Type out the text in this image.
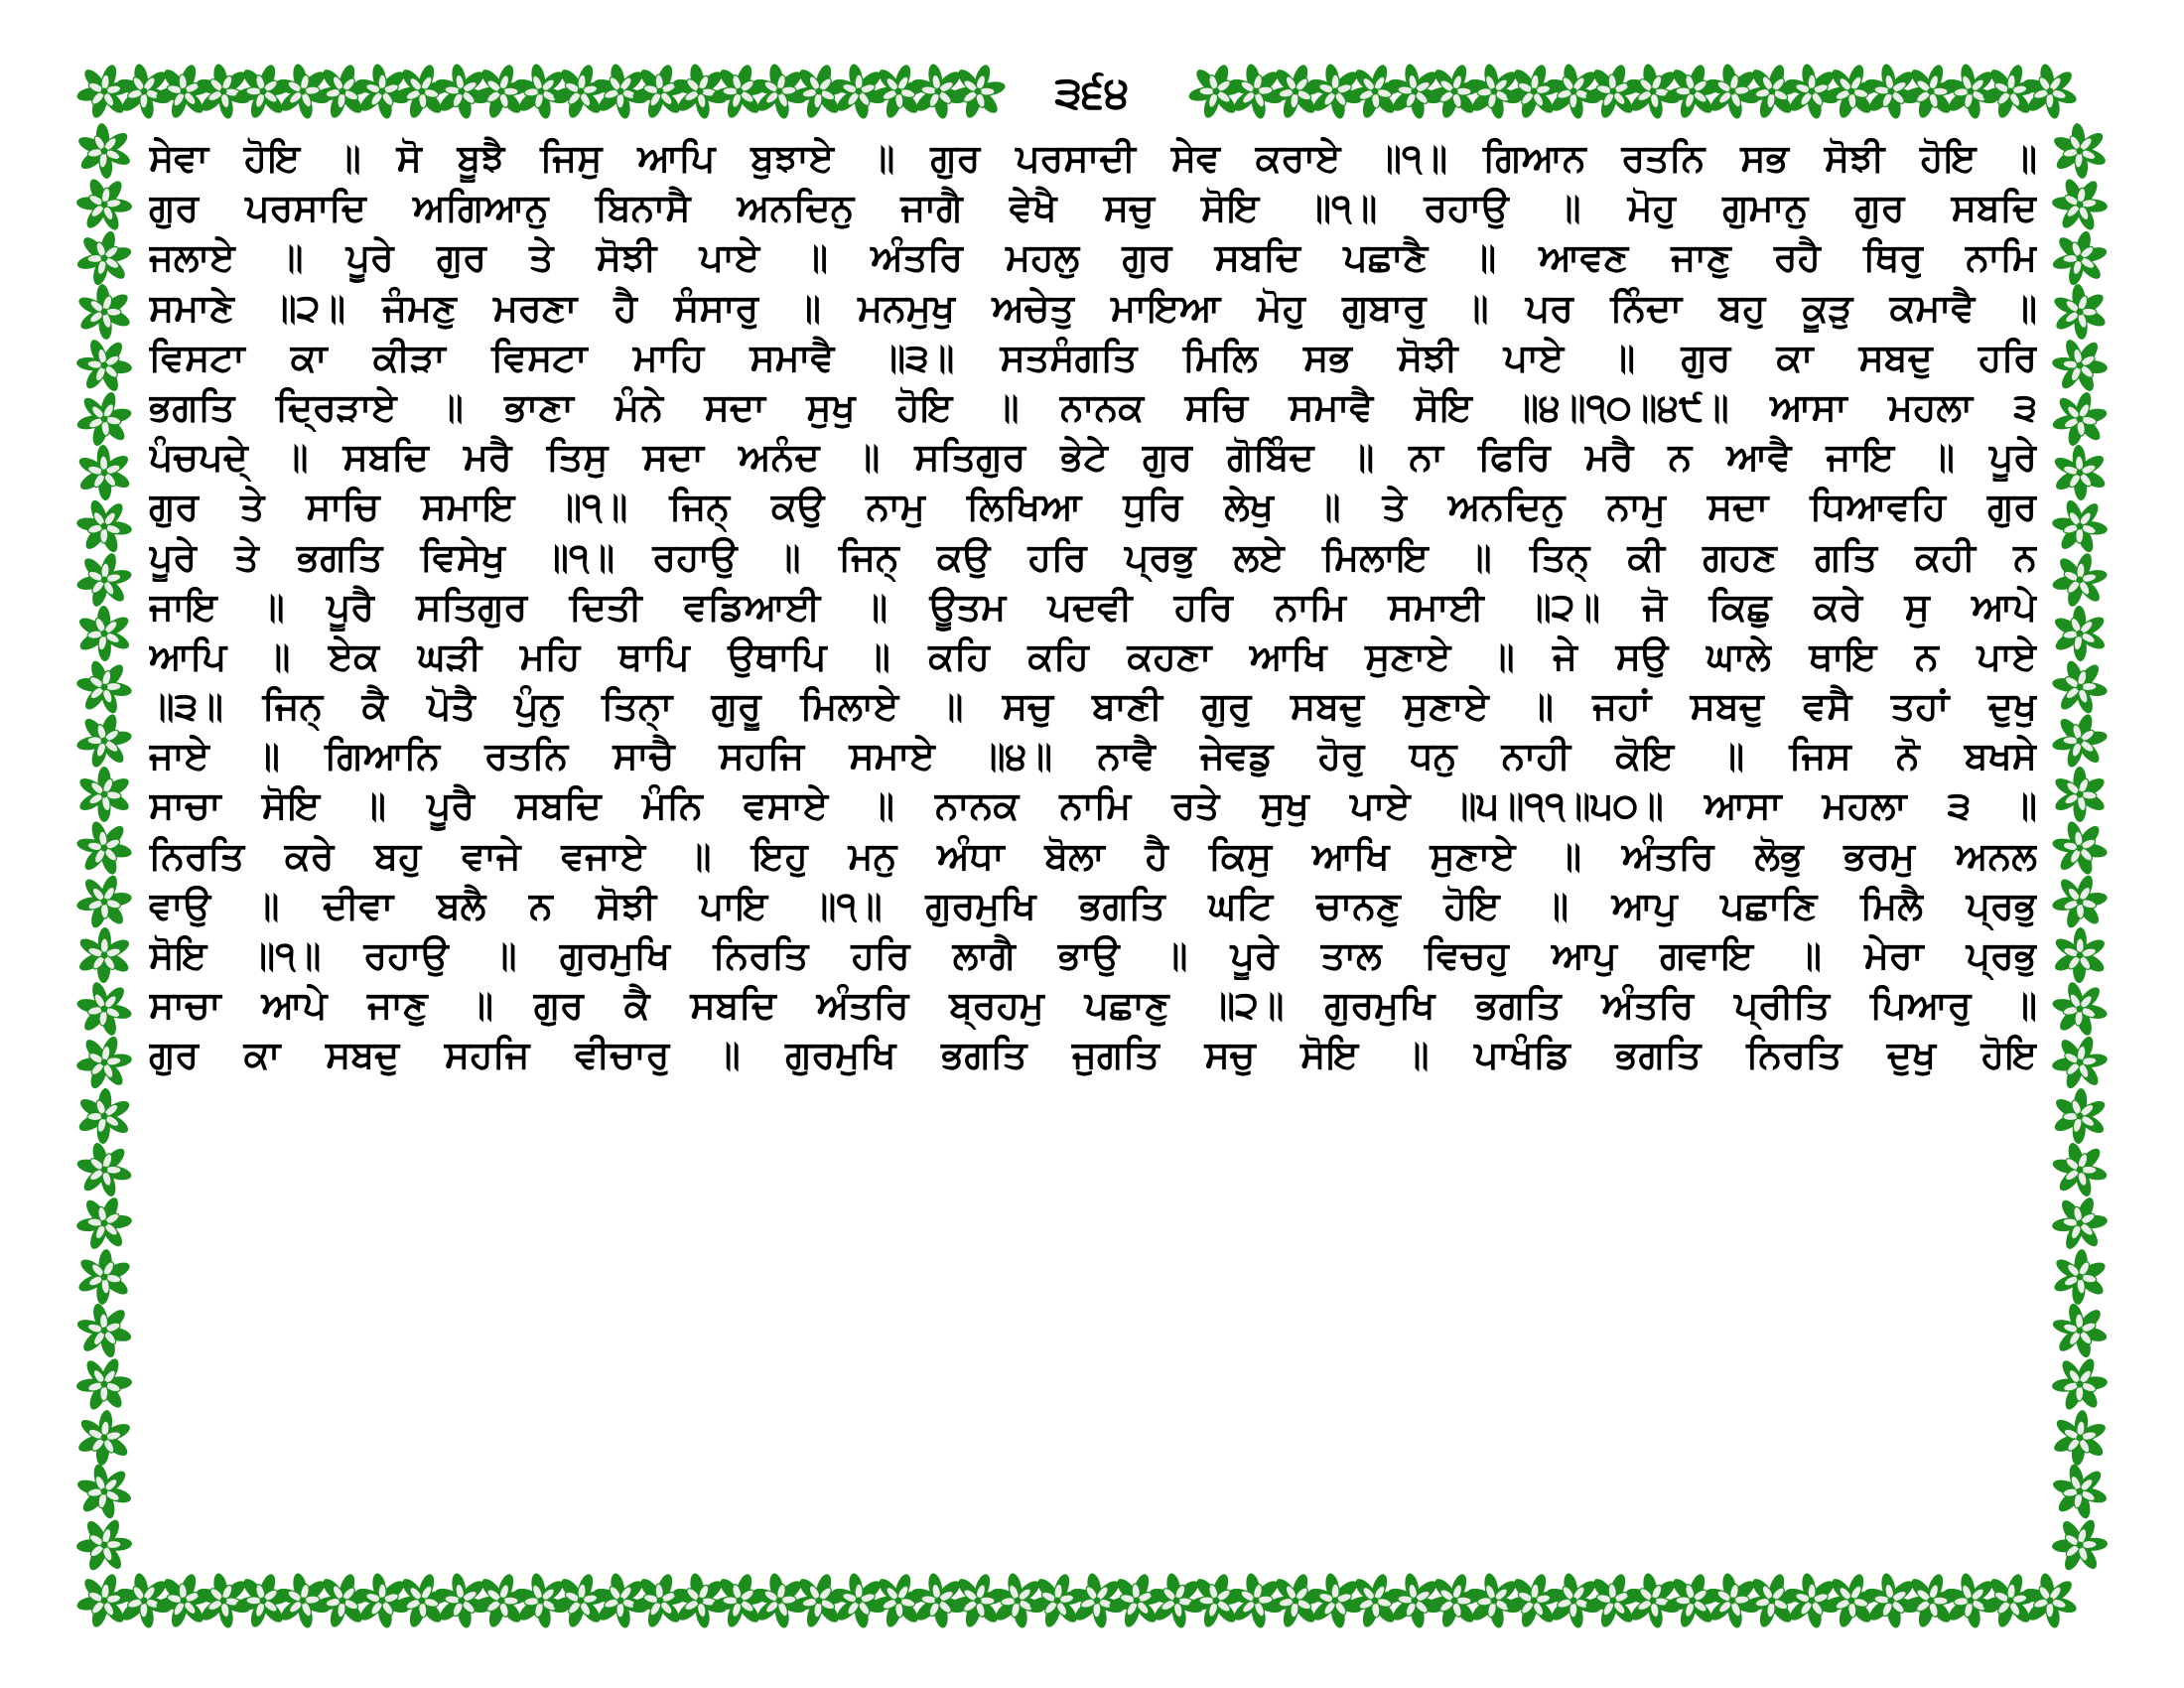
੩੬੪
ਸੇਵਾ ਹੋਇ ॥ ਸੋ ਬੂਝੈ ਜਿਸੁ ਆਪਿ ਬੁਝਾਏ ॥ ਗੁਰ ਪਰਸਾਦੀ ਸੇਵ ਕਰਾਏ ॥੧॥ ਗਿਆਨ ਰਤਨਿ ਸਭ ਸੋਝੀ ਹੋਇ ॥
ਗੁਰ ਪਰਸਾਦਿ ਅਗਿਆਨੁ ਬਿਨਾਸੈ ਅਨਦਿਨੁ ਜਾਗੈ ਵੇਖੈ ਸਚੁ ਸੋਇ ॥੧॥ ਰਹਾਉ ॥ ਮੋਹੁ ਗੁਮਾਨੁ ਗੁਰ ਸਬਦਿ
ਜਲਾਏ ॥ ਪੂਰੇ ਗੁਰ ਤੇ ਸੋਝੀ ਪਾਏ ॥ ਅੰਤਰਿ ਮਹਲੁ ਗੁਰ ਸਬਦਿ ਪਛਾਣੈ ॥ ਆਵਣ ਜਾਣੁ ਰਹੈ ਥਿਰੁ ਨਾਮਿ
ਸਮਾਣੇ ॥੨॥ ਜੰਮਣੁ ਮਰਣਾ ਹੈ ਸੰਸਾਰੁ ॥ ਮਨਮੁਖੁ ਅਚੇਤੁ ਮਾਇਆ ਮੋਹੁ ਗੁਬਾਰੁ ॥ ਪਰ ਨਿੰਦਾ ਬਹੁ ਕੂੜੁ ਕਮਾਵੈ ॥
ਵਿਸਟਾ ਕਾ ਕੀੜਾ ਵਿਸਟਾ ਮਾਹਿ ਸਮਾਵੈ ॥੩॥ ਸਤਸੰਗਤਿ ਮਿਲਿ ਸਭ ਸੋਝੀ ਪਾਏ ॥ ਗੁਰ ਕਾ ਸਬਦੁ ਹਰਿ
ਭਗਤਿ ਦ੍ਰਿੜਾਏ ॥ ਭਾਣਾ ਮੰਨੇ ਸਦਾ ਸੁਖੁ ਹੋਇ ॥ ਨਾਨਕ ਸਚਿ ਸਮਾਵੈ ਸੋਇ ॥੪॥੧੦॥੪੯॥ ਆਸਾ ਮਹਲਾ ੩
ਪੰਚਪਦੇ੍ ॥ ਸਬਦਿ ਮਰੈ ਤਿਸੁ ਸਦਾ ਅਨੰਦ ॥ ਸਤਿਗੁਰ ਭੇਟੇ ਗੁਰ ਗੋਬਿੰਦ ॥ ਨਾ ਫਿਰਿ ਮਰੈ ਨ ਆਵੈ ਜਾਇ ॥ ਪੂਰੇ
ਗੁਰ ਤੇ ਸਾਚਿ ਸਮਾਇ ॥੧॥ ਜਿਨ੍ ਕਉ ਨਾਮੁ ਲਿਖਿਆ ਧੁਰਿ ਲੇਖੁ ॥ ਤੇ ਅਨਦਿਨੁ ਨਾਮੁ ਸਦਾ ਧਿਆਵਹਿ ਗੁਰ
ਪੂਰੇ ਤੇ ਭਗਤਿ ਵਿਸੇਖੁ ॥੧॥ ਰਹਾਉ ॥ ਜਿਨ੍ ਕਉ ਹਰਿ ਪ੍ਰਭੁ ਲਏ ਮਿਲਾਇ ॥ ਤਿਨ੍ ਕੀ ਗਹਣ ਗਤਿ ਕਹੀ ਨ
ਜਾਇ ॥ ਪੂਰੈ ਸਤਿਗੁਰ ਦਿਤੀ ਵਡਿਆਈ ॥ ਊਤਮ ਪਦਵੀ ਹਰਿ ਨਾਮਿ ਸਮਾਈ ॥੨॥ ਜੋ ਕਿਛੁ ਕਰੇ ਸੁ ਆਪੇ
ਆਪਿ ॥ ਏਕ ਘੜੀ ਮਹਿ ਥਾਪਿ ਉਥਾਪਿ ॥ ਕਹਿ ਕਹਿ ਕਹਣਾ ਆਖਿ ਸੁਣਾਏ ॥ ਜੇ ਸਉ ਘਾਲੇ ਥਾਇ ਨ ਪਾਏ
॥੩॥ ਜਿਨ੍ ਕੈ ਪੋਤੈ ਪੁੰਨੁ ਤਿਨਾ੍ ਗੁਰੂ ਮਿਲਾਏ ॥ ਸਚੁ ਬਾਣੀ ਗੁਰੁ ਸਬਦੁ ਸੁਣਾਏ ॥ ਜਹਾਂ ਸਬਦੁ ਵਸੈ ਤਹਾਂ ਦੁਖੁ
ਜਾਏ ॥ ਗਿਆਨਿ ਰਤਨਿ ਸਾਚੈ ਸਹਜਿ ਸਮਾਏ ॥੪॥ ਨਾਵੈ ਜੇਵਡੁ ਹੋਰੁ ਧਨੁ ਨਾਹੀ ਕੋਇ ॥ ਜਿਸ ਨੋ ਬਖਸੇ
ਸਾਚਾ ਸੋਇ ॥ ਪੂਰੈ ਸਬਦਿ ਮੰਨਿ ਵਸਾਏ ॥ ਨਾਨਕ ਨਾਮਿ ਰਤੇ ਸੁਖੁ ਪਾਏ ॥੫॥੧੧॥੫੦॥ ਆਸਾ ਮਹਲਾ ੩ ॥
ਨਿਰਤਿ ਕਰੇ ਬਹੁ ਵਾਜੇ ਵਜਾਏ ॥ ਇਹੁ ਮਨੁ ਅੰਧਾ ਬੋਲਾ ਹੈ ਕਿਸੁ ਆਖਿ ਸੁਣਾਏ ॥ ਅੰਤਰਿ ਲੋਭੁ ਭਰਮੁ ਅਨਲ
ਵਾਉ ॥ ਦੀਵਾ ਬਲੈ ਨ ਸੋਝੀ ਪਾਇ ॥੧॥ ਗੁਰਮੁਖਿ ਭਗਤਿ ਘਟਿ ਚਾਨਣੁ ਹੋਇ ॥ ਆਪੁ ਪਛਾਣਿ ਮਿਲੈ ਪ੍ਰਭੁ
ਸੋਇ ॥੧॥ ਰਹਾਉ ॥ ਗੁਰਮੁਖਿ ਨਿਰਤਿ ਹਰਿ ਲਾਗੈ ਭਾਉ ॥ ਪੂਰੇ ਤਾਲ ਵਿਚਹੁ ਆਪੁ ਗਵਾਇ ॥ ਮੇਰਾ ਪ੍ਰਭੁ
ਸਾਚਾ ਆਪੇ ਜਾਣੁ ॥ ਗੁਰ ਕੈ ਸਬਦਿ ਅੰਤਰਿ ਬ੍ਰਹਮੁ ਪਛਾਣੁ ॥੨॥ ਗੁਰਮੁਖਿ ਭਗਤਿ ਅੰਤਰਿ ਪ੍ਰੀਤਿ ਪਿਆਰੁ ॥
ਗੁਰ ਕਾ ਸਬਦੁ ਸਹਜਿ ਵੀਚਾਰੁ ॥ ਗੁਰਮੁਖਿ ਭਗਤਿ ਜੁਗਤਿ ਸਚੁ ਸੋਇ ॥ ਪਾਖੰਡਿ ਭਗਤਿ ਨਿਰਤਿ ਦੁਖੁ ਹੋਇ
